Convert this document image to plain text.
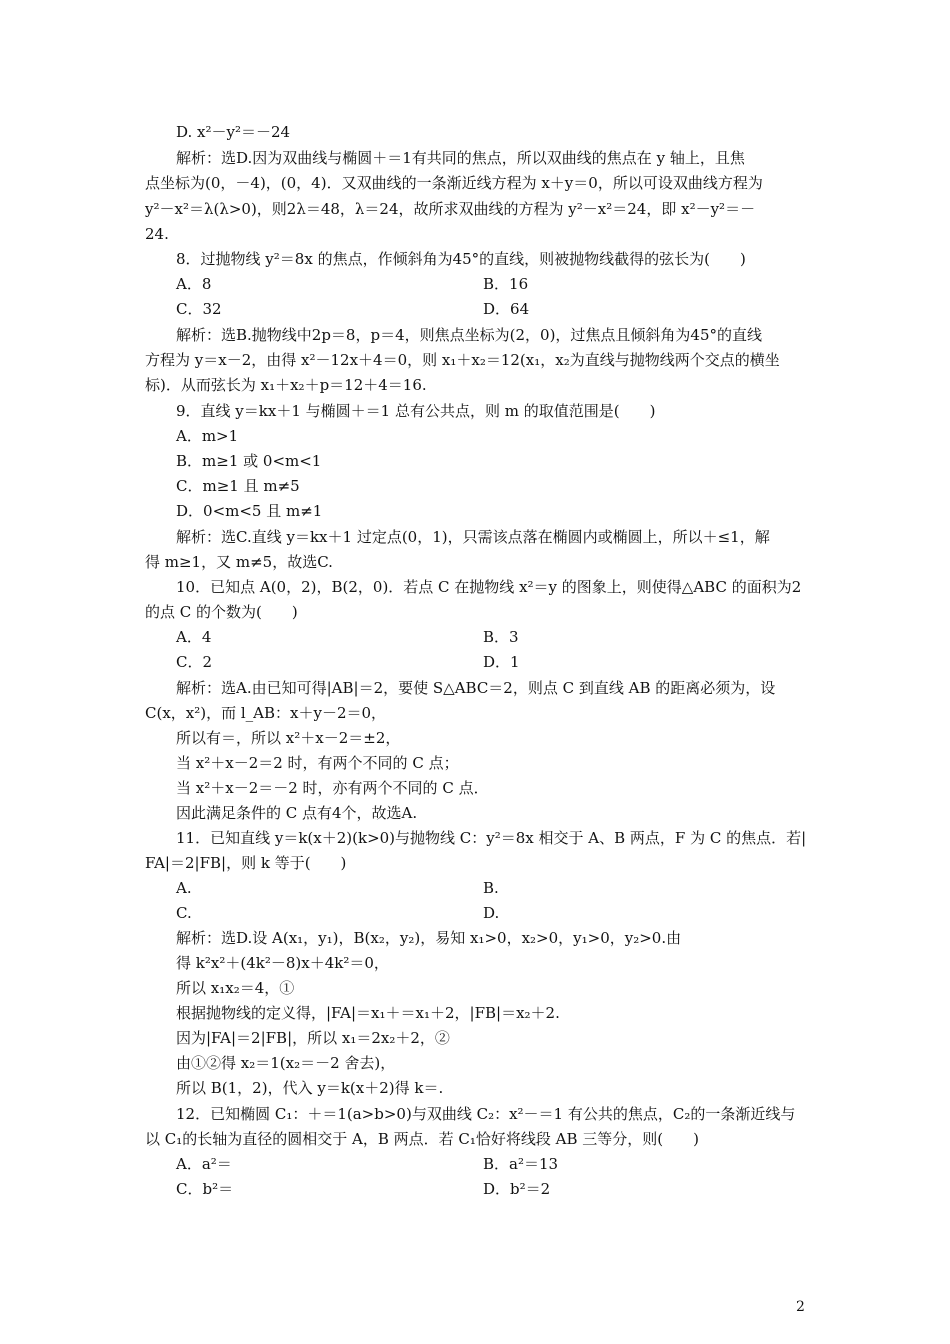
D. x²－y²＝－24
解析：选D.因为双曲线与椭圆＋＝1有共同的焦点，所以双曲线的焦点在 y 轴上，且焦
点坐标为(0，－4)，(0，4)．又双曲线的一条渐近线方程为 x＋y＝0，所以可设双曲线方程为
y²－x²＝λ(λ>0)，则2λ＝48，λ＝24，故所求双曲线的方程为 y²－x²＝24，即 x²－y²＝－
24.
8．过抛物线 y²＝8x 的焦点，作倾斜角为45°的直线，则被抛物线截得的弦长为(　　)
A．8	B．16
C．32	D．64
解析：选B.抛物线中2p＝8，p＝4，则焦点坐标为(2，0)，过焦点且倾斜角为45°的直线
方程为 y＝x－2，由得 x²－12x＋4＝0，则 x₁＋x₂＝12(x₁，x₂为直线与抛物线两个交点的横坐
标)．从而弦长为 x₁＋x₂＋p＝12＋4＝16.
9．直线 y＝kx＋1 与椭圆＋＝1 总有公共点，则 m 的取值范围是(　　)
A．m>1
B．m≥1 或 0<m<1
C．m≥1 且 m≠5
D．0<m<5 且 m≠1
解析：选C.直线 y＝kx＋1 过定点(0，1)，只需该点落在椭圆内或椭圆上，所以＋≤1，解
得 m≥1，又 m≠5，故选C.
10．已知点 A(0，2)，B(2，0)．若点 C 在抛物线 x²＝y 的图象上，则使得△ABC 的面积为2
的点 C 的个数为(　　)
A．4	B．3
C．2	D．1
解析：选A.由已知可得|AB|＝2，要使 S△ABC＝2，则点 C 到直线 AB 的距离必须为，设
C(x，x²)，而 l_AB：x＋y－2＝0，
所以有＝，所以 x²＋x－2＝±2，
当 x²＋x－2＝2 时，有两个不同的 C 点；
当 x²＋x－2＝－2 时，亦有两个不同的 C 点．
因此满足条件的 C 点有4个，故选A.
11．已知直线 y＝k(x＋2)(k>0)与抛物线 C：y²＝8x 相交于 A、B 两点，F 为 C 的焦点．若|
FA|＝2|FB|，则 k 等于(　　)
A.	B.
C.	D.
解析：选D.设 A(x₁，y₁)，B(x₂，y₂)，易知 x₁>0，x₂>0，y₁>0，y₂>0.由
得 k²x²＋(4k²－8)x＋4k²＝0，
所以 x₁x₂＝4，①
根据抛物线的定义得，|FA|＝x₁＋＝x₁＋2，|FB|＝x₂＋2.
因为|FA|＝2|FB|，所以 x₁＝2x₂＋2，②
由①②得 x₂＝1(x₂＝－2 舍去)，
所以 B(1，2)，代入 y＝k(x＋2)得 k＝.
12．已知椭圆 C₁：＋＝1(a>b>0)与双曲线 C₂：x²－＝1 有公共的焦点，C₂的一条渐近线与
以 C₁的长轴为直径的圆相交于 A，B 两点．若 C₁恰好将线段 AB 三等分，则(　　)
A．a²＝	B．a²＝13
C．b²＝	D．b²＝2
2
